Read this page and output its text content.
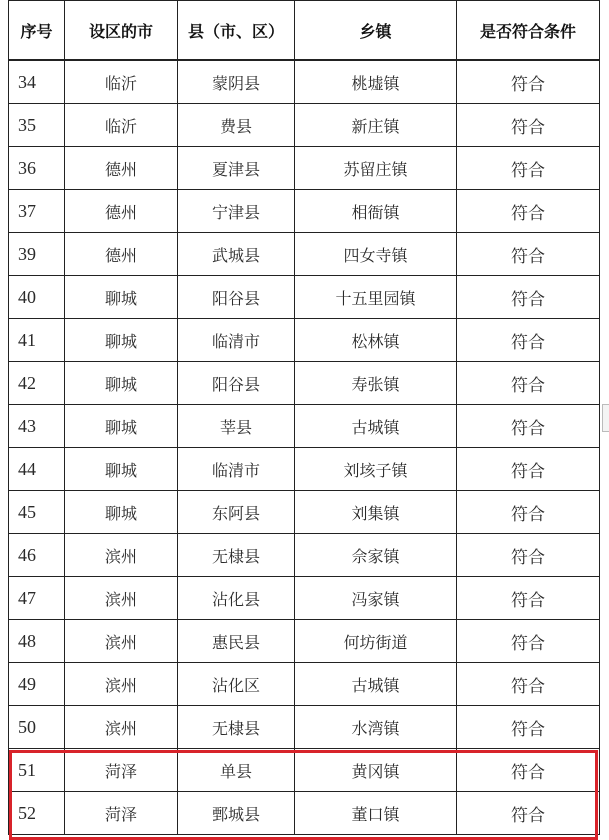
序号	设区的市	县（市、区）	乡镇	是否符合条件
34	临沂	蒙阴县	桃墟镇	符合
35	临沂	费县	新庄镇	符合
36	德州	夏津县	苏留庄镇	符合
37	德州	宁津县	相衙镇	符合
39	德州	武城县	四女寺镇	符合
40	聊城	阳谷县	十五里园镇	符合
41	聊城	临清市	松林镇	符合
42	聊城	阳谷县	寿张镇	符合
43	聊城	莘县	古城镇	符合
44	聊城	临清市	刘垓子镇	符合
45	聊城	东阿县	刘集镇	符合
46	滨州	无棣县	佘家镇	符合
47	滨州	沾化县	冯家镇	符合
48	滨州	惠民县	何坊街道	符合
49	滨州	沾化区	古城镇	符合
50	滨州	无棣县	水湾镇	符合
51	菏泽	单县	黄冈镇	符合
52	菏泽	鄄城县	董口镇	符合
